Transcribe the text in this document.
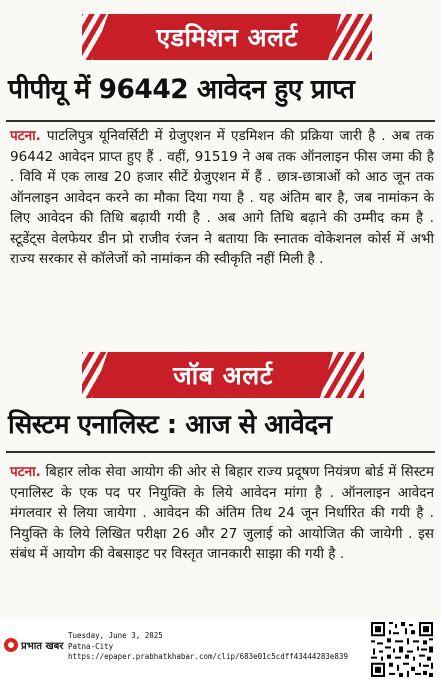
एडमिशन अलर्ट
पीपीयू में 96442 आवेदन हुए प्राप्त
पटना. पाटलिपुत्र यूनिवर्सिटी में ग्रेजुएशन में एडमिशन की प्रक्रिया जारी है . अब तक 96442 आवेदन प्राप्त हुए हैं . वहीं, 91519 ने अब तक ऑनलाइन फीस जमा की है . विवि में एक लाख 20 हजार सीटें ग्रेजुएशन में हैं . छात्र-छात्राओं को आठ जून तक ऑनलाइन आवेदन करने का मौका दिया गया है . यह अंतिम बार है, जब नामांकन के लिए आवेदन की तिथि बढ़ायी गयी है . अब आगे तिथि बढ़ाने की उम्मीद कम है . स्टूडेंट्स वेलफेयर डीन प्रो राजीव रंजन ने बताया कि स्नातक वोकेशनल कोर्स में अभी राज्य सरकार से कॉलेजों को नामांकन की स्वीकृति नहीं मिली है .
जॉब अलर्ट
सिस्टम एनालिस्ट : आज से आवेदन
पटना. बिहार लोक सेवा आयोग की ओर से बिहार राज्य प्रदूषण नियंत्रण बोर्ड में सिस्टम एनालिस्ट के एक पद पर नियुक्ति के लिये आवेदन मांगा है . ऑनलाइन आवेदन मंगलवार से लिया जायेगा . आवेदन की अंतिम तिथ 24 जून निर्धारित की गयी है . नियुक्ति के लिये लिखित परीक्षा 26 और 27 जुलाई को आयोजित की जायेगी . इस संबंध में आयोग की वेबसाइट पर विस्तृत जानकारी साझा की गयी है .
प्रभात खबर
Tuesday, June 3, 2025
Patna-City
https://epaper.prabhatkhabar.com/clip/683e01c5cdff43444283e839
